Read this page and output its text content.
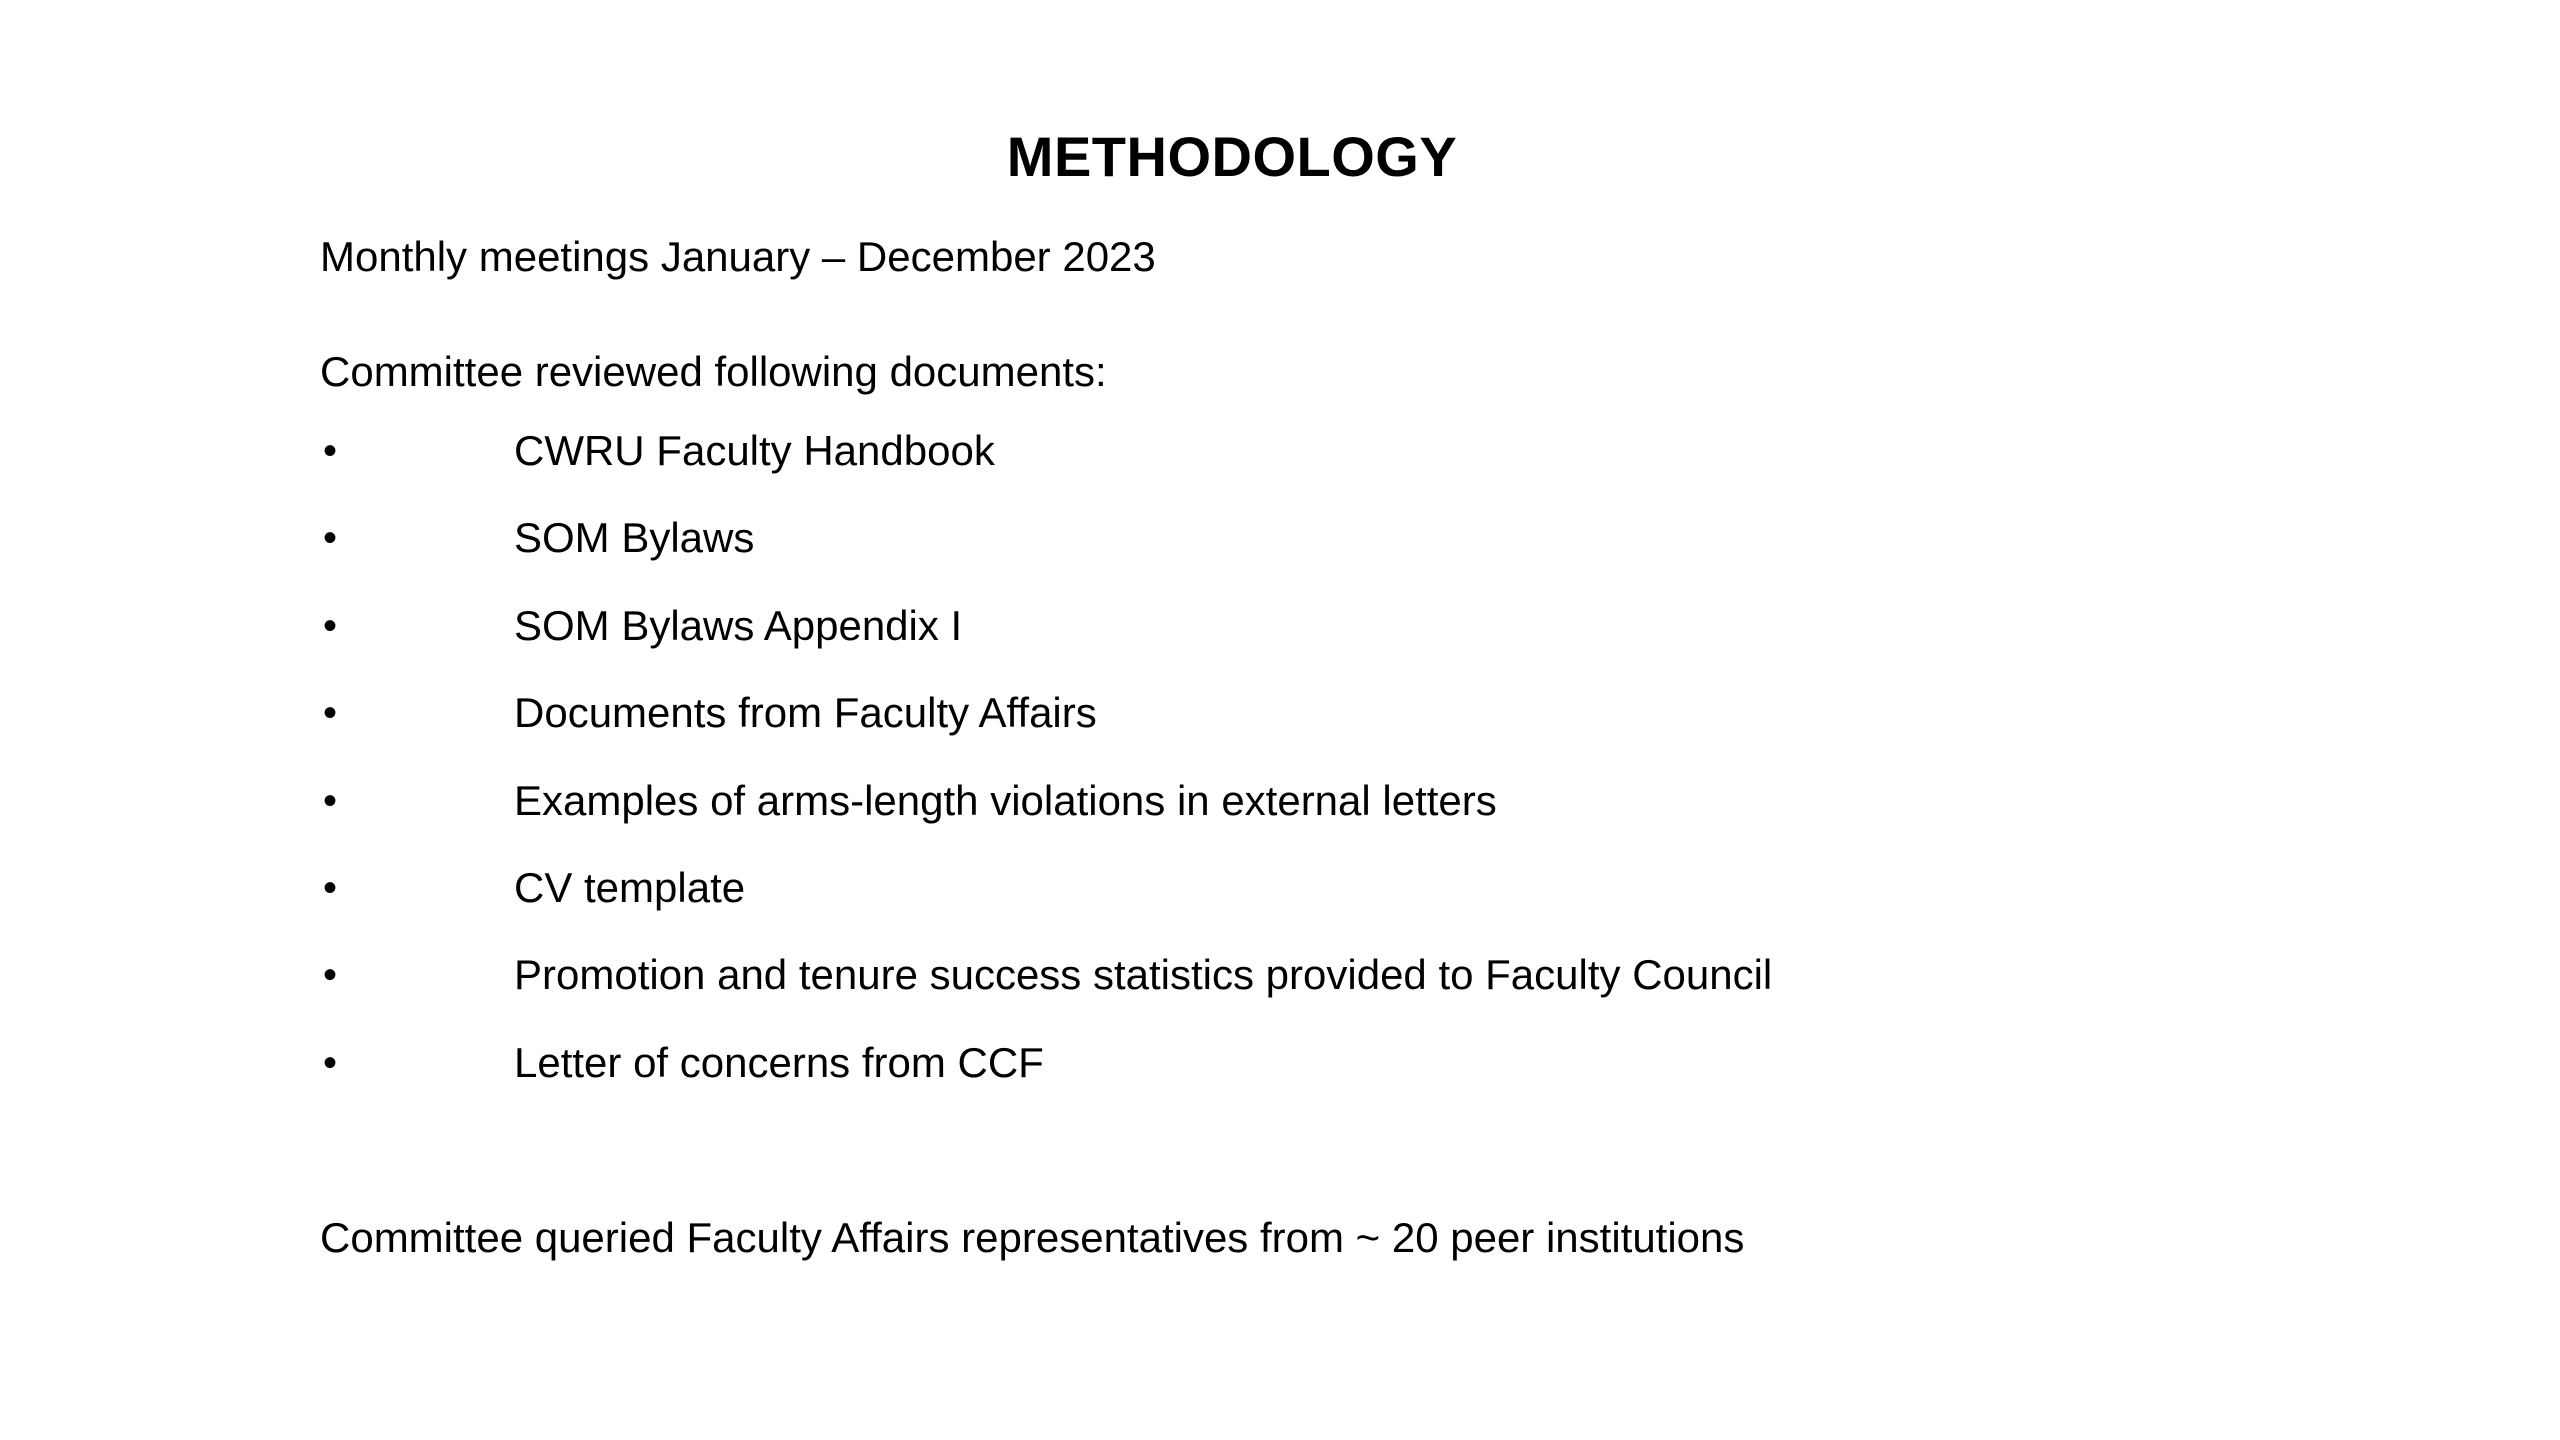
METHODOLOGY
Monthly meetings January – December 2023
Committee reviewed following documents:
•	CWRU Faculty Handbook
•	SOM Bylaws
•	SOM Bylaws Appendix I
•	Documents from Faculty Affairs
•	Examples of arms-length violations in external letters
•	CV template
•	Promotion and tenure success statistics provided to Faculty Council
•	Letter of concerns from CCF
Committee queried Faculty Affairs representatives from ~ 20 peer institutions
